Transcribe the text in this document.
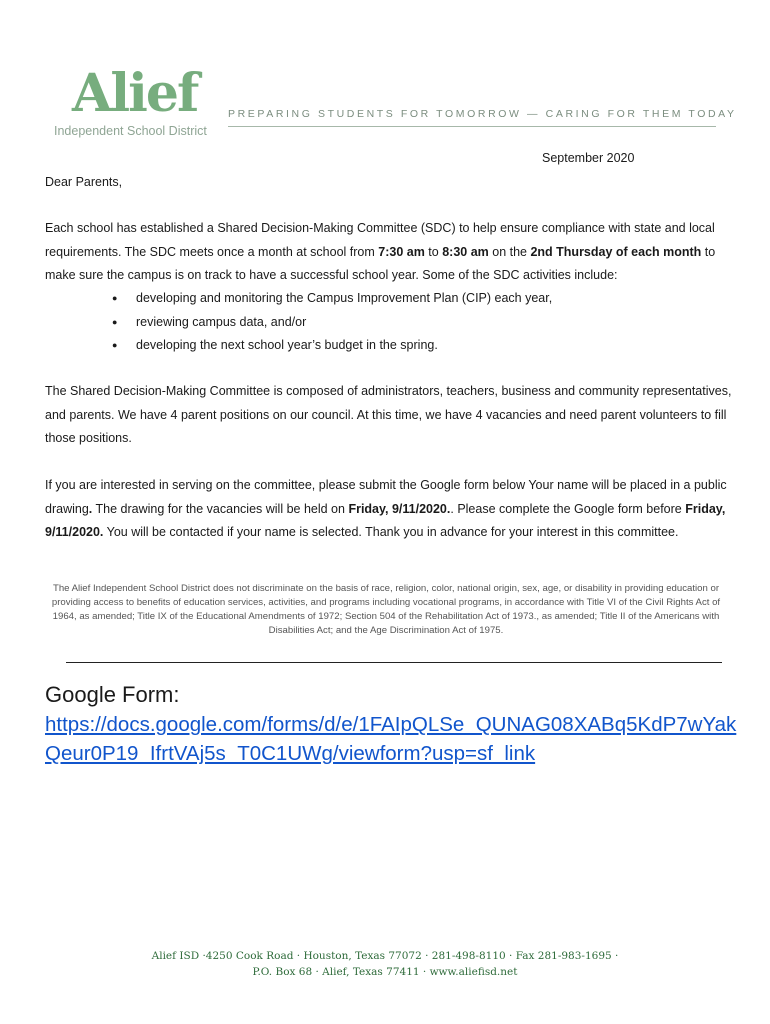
Alief
Independent School District
PREPARING STUDENTS FOR TOMORROW — CARING FOR THEM TODAY
September 2020
Dear Parents,

Each school has established a Shared Decision-Making Committee (SDC) to help ensure compliance with state and local requirements. The SDC meets once a month at school from 7:30 am to 8:30 am on the 2nd Thursday of each month to make sure the campus is on track to have a successful school year. Some of the SDC activities include:

● developing and monitoring the Campus Improvement Plan (CIP) each year,
● reviewing campus data, and/or
● developing the next school year’s budget in the spring.

The Shared Decision-Making Committee is composed of administrators, teachers, business and community representatives, and parents. We have 4 parent positions on our council. At this time, we have 4 vacancies and need parent volunteers to fill those positions.

If you are interested in serving on the committee, please submit the Google form below Your name will be placed in a public drawing. The drawing for the vacancies will be held on Friday, 9/11/2020.. Please complete the Google form before Friday, 9/11/2020. You will be contacted if your name is selected. Thank you in advance for your interest in this committee.

The Alief Independent School District does not discriminate on the basis of race, religion, color, national origin, sex, age, or disability in providing education or providing access to benefits of education services, activities, and programs including vocational programs, in accordance with Title VI of the Civil Rights Act of 1964, as amended; Title IX of the Educational Amendments of 1972; Section 504 of the Rehabilitation Act of 1973., as amended; Title II of the Americans with Disabilities Act; and the Age Discrimination Act of 1975.

Google Form:
https://docs.google.com/forms/d/e/1FAIpQLSe_QUNAG08XABq5KdP7wYakQeur0P19_IfrtVAj5s_T0C1UWg/viewform?usp=sf_link
Alief ISD ·4250 Cook Road · Houston, Texas 77072 · 281-498-8110 · Fax 281-983-1695 ·
P.O. Box 68 · Alief, Texas 77411 · www.aliefisd.net
